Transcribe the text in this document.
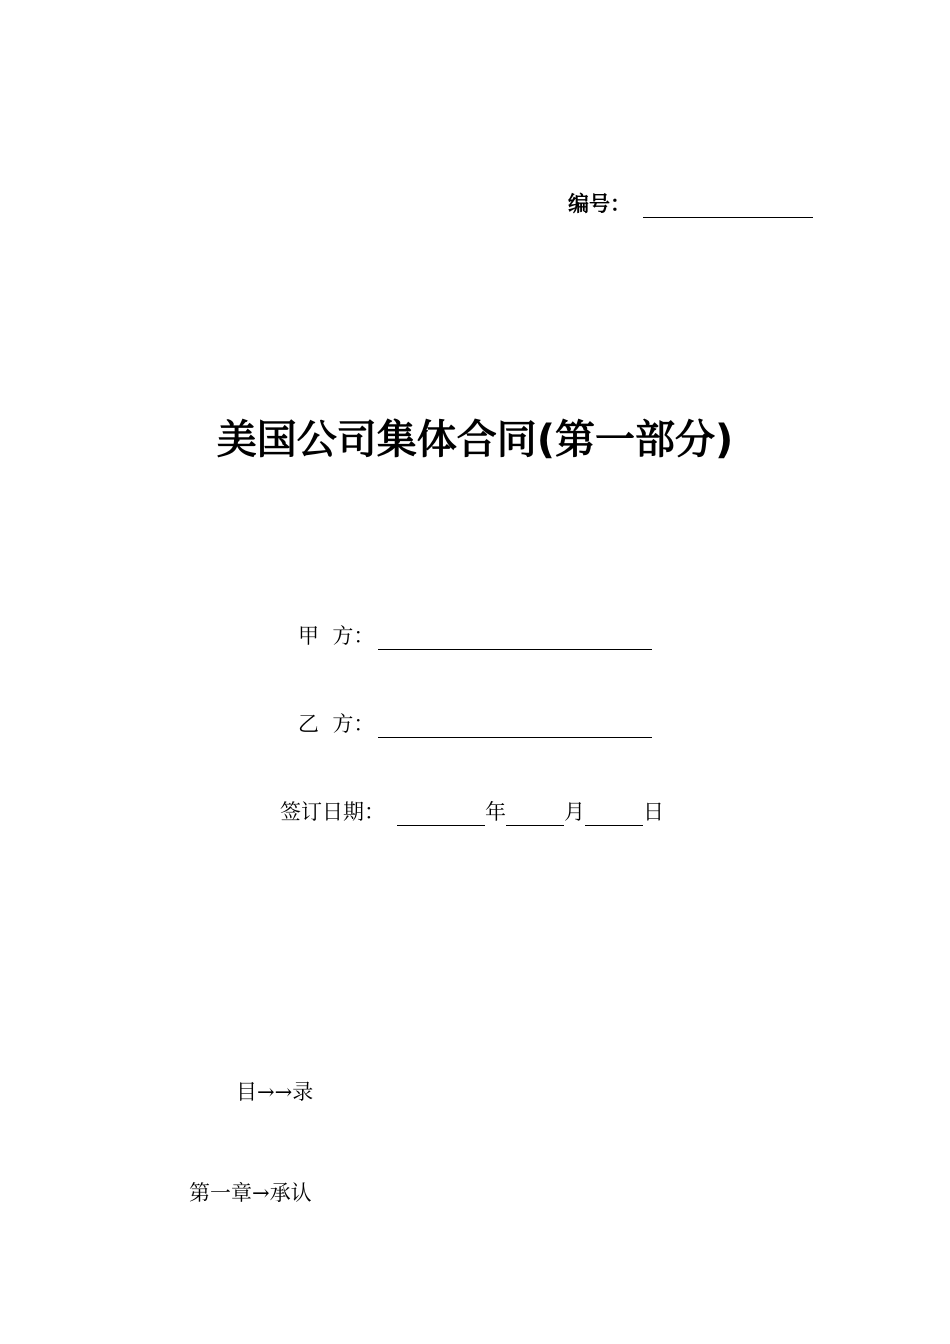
编号：
美国公司集体合同(第一部分)
甲  方：
乙  方：
签订日期：	年	月	日
目→→录
第一章→承认
